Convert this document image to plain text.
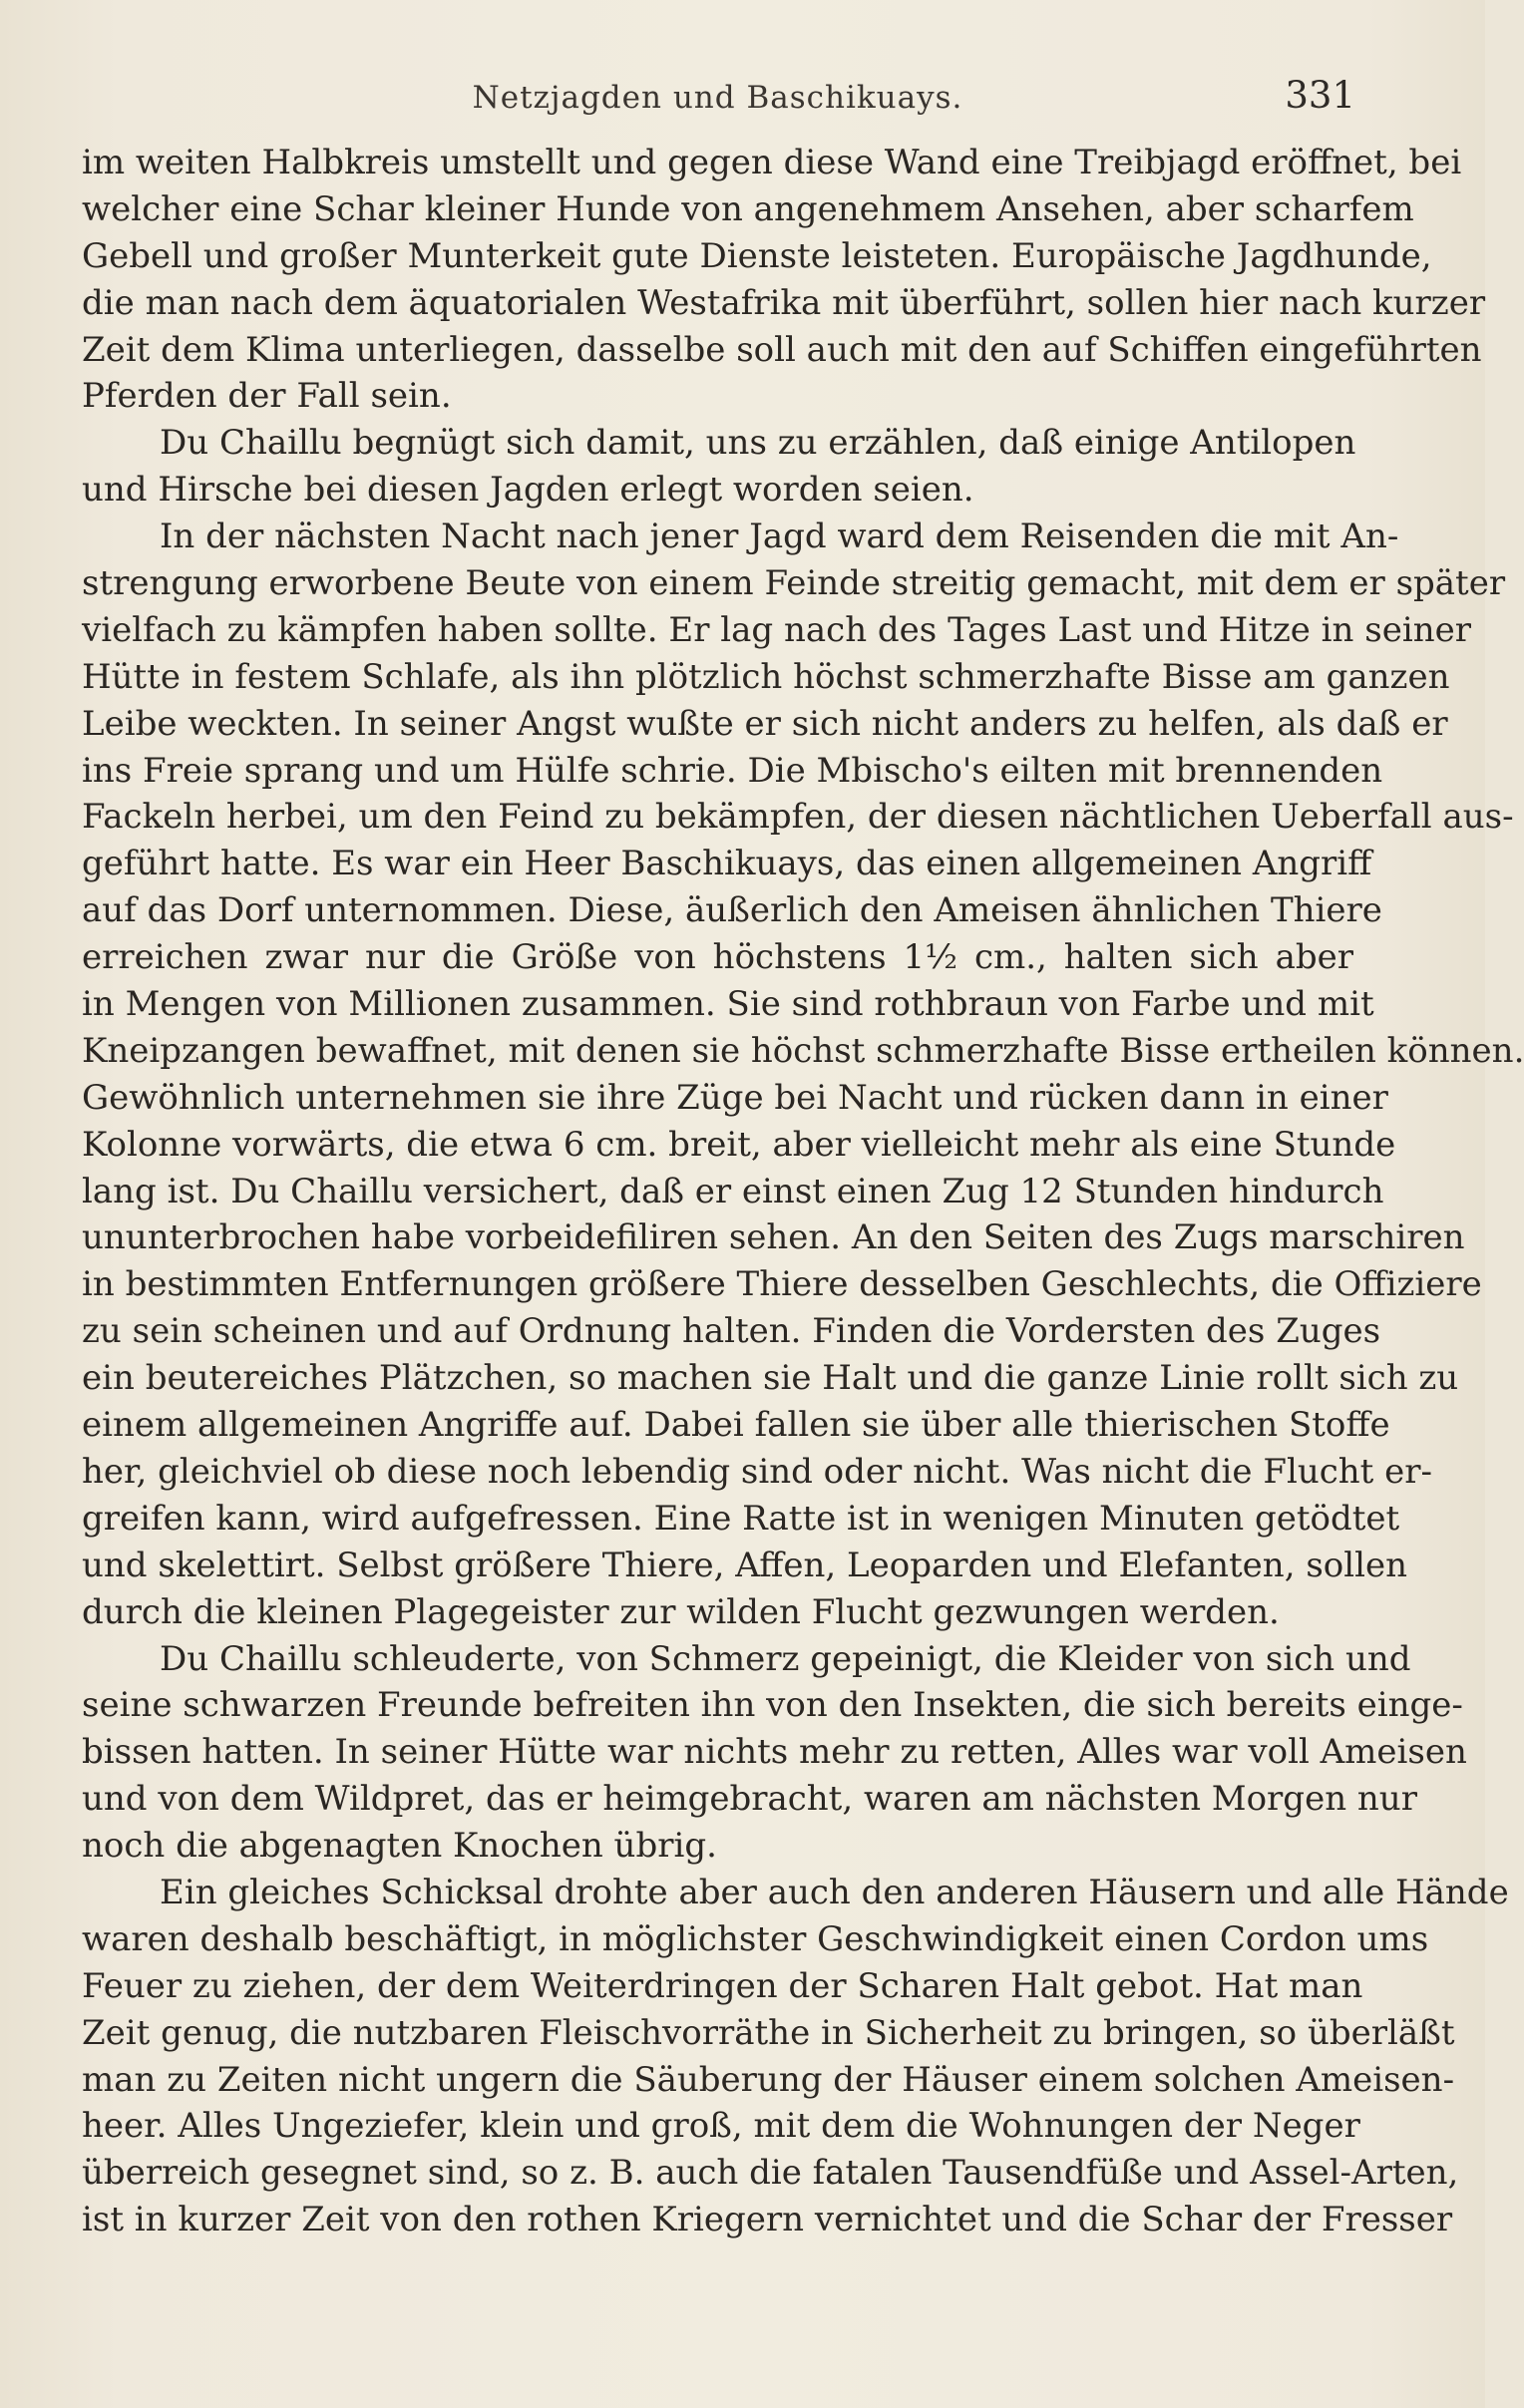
Netzjagden und Baschikuays.	331
im weiten Halbkreis umstellt und gegen diese Wand eine Treibjagd eröffnet, bei
welcher eine Schar kleiner Hunde von angenehmem Ansehen, aber scharfem
Gebell und großer Munterkeit gute Dienste leisteten. Europäische Jagdhunde,
die man nach dem äquatorialen Westafrika mit überführt, sollen hier nach kurzer
Zeit dem Klima unterliegen, dasselbe soll auch mit den auf Schiffen eingeführten
Pferden der Fall sein.
Du Chaillu begnügt sich damit, uns zu erzählen, daß einige Antilopen
und Hirsche bei diesen Jagden erlegt worden seien.
In der nächsten Nacht nach jener Jagd ward dem Reisenden die mit An-
strengung erworbene Beute von einem Feinde streitig gemacht, mit dem er später
vielfach zu kämpfen haben sollte. Er lag nach des Tages Last und Hitze in seiner
Hütte in festem Schlafe, als ihn plötzlich höchst schmerzhafte Bisse am ganzen
Leibe weckten. In seiner Angst wußte er sich nicht anders zu helfen, als daß er
ins Freie sprang und um Hülfe schrie. Die Mbischo's eilten mit brennenden
Fackeln herbei, um den Feind zu bekämpfen, der diesen nächtlichen Ueberfall aus-
geführt hatte. Es war ein Heer Baschikuays, das einen allgemeinen Angriff
auf das Dorf unternommen. Diese, äußerlich den Ameisen ähnlichen Thiere
erreichen zwar nur die Größe von höchstens 1½ cm., halten sich aber
in Mengen von Millionen zusammen. Sie sind rothbraun von Farbe und mit
Kneipzangen bewaffnet, mit denen sie höchst schmerzhafte Bisse ertheilen können.
Gewöhnlich unternehmen sie ihre Züge bei Nacht und rücken dann in einer
Kolonne vorwärts, die etwa 6 cm. breit, aber vielleicht mehr als eine Stunde
lang ist. Du Chaillu versichert, daß er einst einen Zug 12 Stunden hindurch
ununterbrochen habe vorbeidefiliren sehen. An den Seiten des Zugs marschiren
in bestimmten Entfernungen größere Thiere desselben Geschlechts, die Offiziere
zu sein scheinen und auf Ordnung halten. Finden die Vordersten des Zuges
ein beutereiches Plätzchen, so machen sie Halt und die ganze Linie rollt sich zu
einem allgemeinen Angriffe auf. Dabei fallen sie über alle thierischen Stoffe
her, gleichviel ob diese noch lebendig sind oder nicht. Was nicht die Flucht er-
greifen kann, wird aufgefressen. Eine Ratte ist in wenigen Minuten getödtet
und skelettirt. Selbst größere Thiere, Affen, Leoparden und Elefanten, sollen
durch die kleinen Plagegeister zur wilden Flucht gezwungen werden.
Du Chaillu schleuderte, von Schmerz gepeinigt, die Kleider von sich und
seine schwarzen Freunde befreiten ihn von den Insekten, die sich bereits einge-
bissen hatten. In seiner Hütte war nichts mehr zu retten, Alles war voll Ameisen
und von dem Wildpret, das er heimgebracht, waren am nächsten Morgen nur
noch die abgenagten Knochen übrig.
Ein gleiches Schicksal drohte aber auch den anderen Häusern und alle Hände
waren deshalb beschäftigt, in möglichster Geschwindigkeit einen Cordon ums
Feuer zu ziehen, der dem Weiterdringen der Scharen Halt gebot. Hat man
Zeit genug, die nutzbaren Fleischvorräthe in Sicherheit zu bringen, so überläßt
man zu Zeiten nicht ungern die Säuberung der Häuser einem solchen Ameisen-
heer. Alles Ungeziefer, klein und groß, mit dem die Wohnungen der Neger
überreich gesegnet sind, so z. B. auch die fatalen Tausendfüße und Assel-Arten,
ist in kurzer Zeit von den rothen Kriegern vernichtet und die Schar der Fresser
